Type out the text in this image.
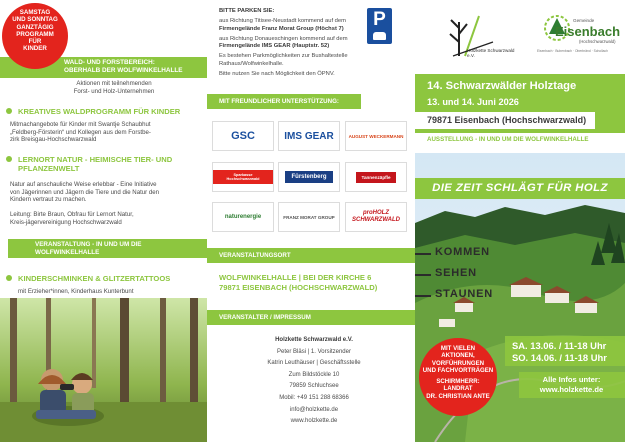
SAMSTAG
UND SONNTAG
GANZTÄGIG
PROGRAMM
FÜR
KINDER
WALD- UND FORSTBEREICH:
OBERHALB DER WOLFWINKELHALLE
Aktionen mit teilnehmenden
Forst- und Holz-Unternehmen
KREATIVES WALDPROGRAMM FÜR KINDER
Mitmachangebote für Kinder mit Swantje Schaubhut
„Feldberg-Försterin“ und Kollegen aus dem Forstbe-
zirk Breisgau-Hochschwarzwald
LERNORT NATUR - HEIMISCHE TIER- UND
PFLANZENWELT
Natur auf anschauliche Weise erlebbar - Eine Initiative
von Jägerinnen und Jägern die Tiere und die Natur den
Kindern vertraut zu machen.
Leitung: Birte Braun, Obfrau für Lernort Natur,
Kreis-jägervereinigung Hochschwarzwald
VERANSTALTUNG - IN UND UM DIE
WOLFWINKELHALLE
KINDERSCHMINKEN & GLITZERTATTOOS
mit Erzieher*innen, Kinderhaus Kunterbunt
BITTE PARKEN SIE:
aus Richtung Titisee-Neustadt kommend auf dem
Firmengelände Franz Morat Group (Höchst 7)
aus Richtung Donaueschingen kommend auf dem
Firmengelände IMS GEAR (Hauptstr. 52)
Es bestehen Parkmöglichkeiten zur Bushaltestelle
Rathaus/Wolfwinkelhalle.
Bitte nutzen Sie nach Möglichkeit den ÖPNV.
P
MIT FREUNDLICHER UNTERSTÜTZUNG:
GSC	IMS GEAR	AUGUST WECKERMANN
Sparkasse Hochschwarzwald	Fürstenberg	Tannenzäpfle
naturenergie	FRANZ MORAT GROUP
proHOLZ SCHWARZWALD
VERANSTALTUNGSORT
WOLFWINKELHALLE | BEI DER KIRCHE 6
79871 EISENBACH (HOCHSCHWARZWALD)
VERANSTALTER / IMPRESSUM
Holzkette Schwarzwald e.V.
Peter Bläsi | 1. Vorsitzender
Katrin Leuthäuser | Geschäftsstelle
Zum Bildstöckle 10
79859 Schluchsee
Mobil: +49 151 288 68366
info@holzkette.de
www.holzkette.de
Holzkette Schwarzwald e.V.
Gemeinde
Eisenbach
(Hochschwarzwald)
Eisenbach · Bubenbach · Oberbränd · Schollach
14. Schwarzwälder Holztage
13. und 14. Juni 2026
79871 Eisenbach (Hochschwarzwald)
AUSSTELLUNG - IN UND UM DIE WOLFWINKELHALLE
DIE ZEIT SCHLÄGT FÜR HOLZ
KOMMEN
SEHEN
STAUNEN
MIT VIELEN
AKTIONEN,
VORFÜHRUNGEN
UND FACHVORTRÄGEN
SCHIRMHERR:
LANDRAT
DR. CHRISTIAN ANTE
SA. 13.06. / 11-18 Uhr
SO. 14.06. / 11-18 Uhr
Alle Infos unter:
www.holzkette.de
